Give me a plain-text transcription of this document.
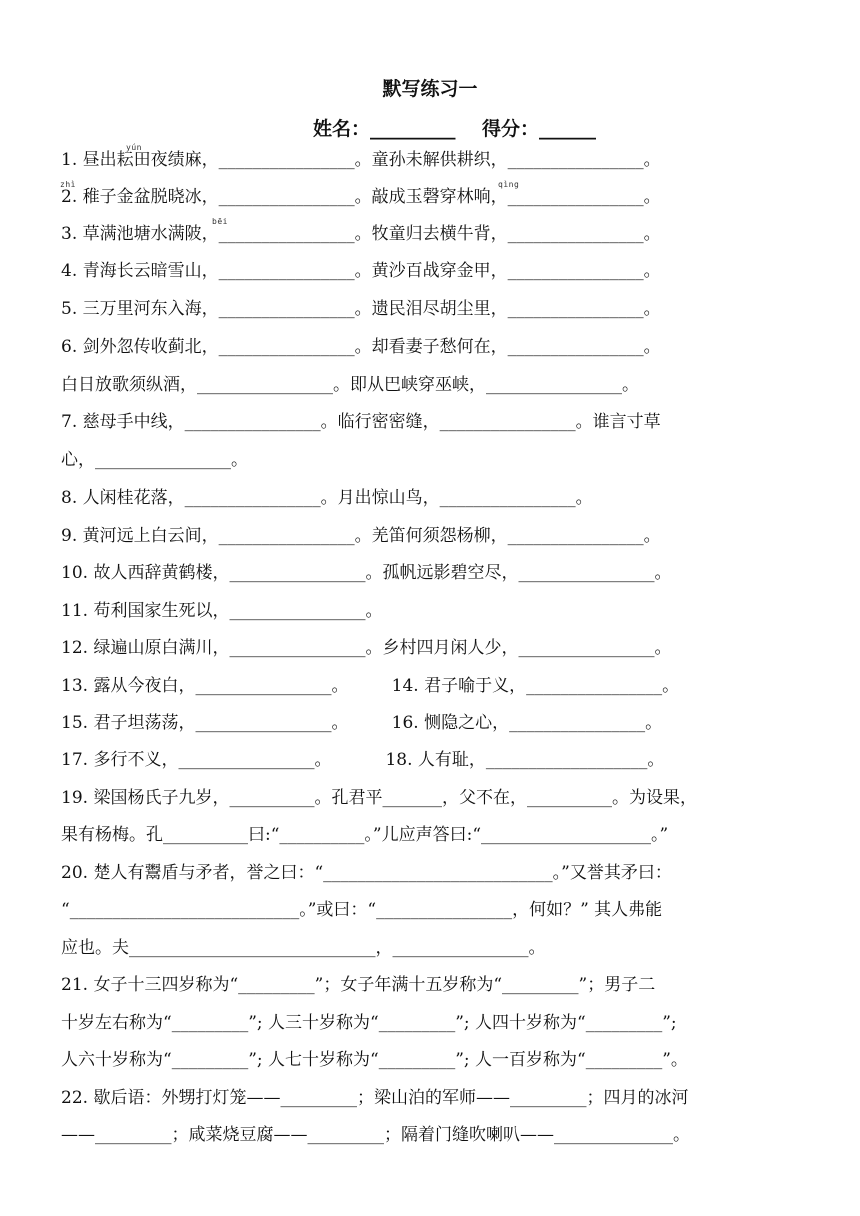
默写练习一
姓名：_________    得分：______
yún
zhì	qìng
bēi
1. 昼出耘田夜绩麻，________________。童孙未解供耕织，________________。
2. 稚子金盆脱晓冰，________________。敲成玉磬穿林响，________________。
3. 草满池塘水满陂，________________。牧童归去横牛背，________________。
4. 青海长云暗雪山，________________。黄沙百战穿金甲，________________。
5. 三万里河东入海，________________。遗民泪尽胡尘里，________________。
6. 剑外忽传收蓟北，________________。却看妻子愁何在，________________。
白日放歌须纵酒，________________。即从巴峡穿巫峡，________________。
7. 慈母手中线，________________。临行密密缝，________________。谁言寸草
心，________________。
8. 人闲桂花落，________________。月出惊山鸟，________________。
9. 黄河远上白云间，________________。羌笛何须怨杨柳，________________。
10. 故人西辞黄鹤楼，________________。孤帆远影碧空尽，________________。
11. 苟利国家生死以，________________。
12. 绿遍山原白满川，________________。乡村四月闲人少，________________。
13. 露从今夜白，________________。        14. 君子喻于义，________________。
15. 君子坦荡荡，________________。        16. 恻隐之心，________________。
17. 多行不义，________________。          18. 人有耻，___________________。
19. 梁国杨氏子九岁，__________。孔君平_______，父不在，__________。为设果，
果有杨梅。孔__________曰:“__________。”儿应声答曰:“____________________。”
20. 楚人有鬻盾与矛者，誉之曰：“___________________________。”又誉其矛曰：
“___________________________。”或曰：“________________，何如？” 其人弗能
应也。夫_____________________________，________________。
21. 女子十三四岁称为“_________”；女子年满十五岁称为“_________”；男子二
十岁左右称为“_________”; 人三十岁称为“_________”; 人四十岁称为“_________”;
人六十岁称为“_________”; 人七十岁称为“_________”; 人一百岁称为“_________”。
22. 歇后语：外甥打灯笼——_________；梁山泊的军师——_________；四月的冰河
——_________；咸菜烧豆腐——_________；隔着门缝吹喇叭——______________。
